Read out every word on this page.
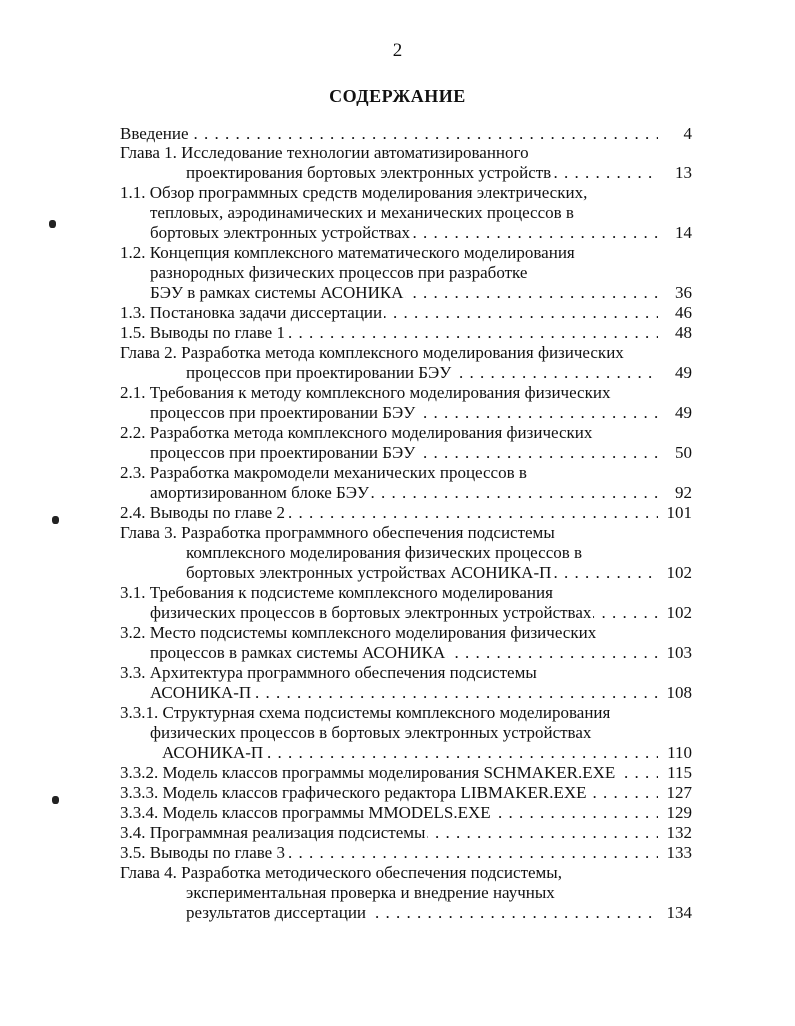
2
СОДЕРЖАНИЕ
Введение . . .	4
Глава 1. Исследование технологии автоматизированного
проектирования бортовых электронных устройств . . .	13
1.1. Обзор программных средств моделирования электрических,
тепловых, аэродинамических и механических процессов в
бортовых электронных устройствах . . .	14
1.2. Концепция комплексного математического моделирования
разнородных физических процессов при разработке
БЭУ в рамках системы АСОНИКА . . .	36
1.3. Постановка задачи диссертации . . .	46
1.5. Выводы по главе 1 . . .	48
Глава 2. Разработка метода комплексного моделирования физических
процессов при проектировании БЭУ . . .	49
2.1. Требования к методу комплексного моделирования физических
процессов при проектировании БЭУ . . .	49
2.2. Разработка метода комплексного моделирования физических
процессов при проектировании БЭУ . . .	50
2.3. Разработка макромодели механических процессов в
амортизированном блоке БЭУ . . .	92
2.4. Выводы по главе 2 . . .	101
Глава 3. Разработка программного обеспечения подсистемы
комплексного моделирования физических процессов в
бортовых электронных устройствах АСОНИКА-П . . .	102
3.1. Требования к подсистеме комплексного моделирования
физических процессов в бортовых электронных устройствах . . .	102
3.2. Место подсистемы комплексного моделирования физических
процессов в рамках системы АСОНИКА . . .	103
3.3. Архитектура программного обеспечения подсистемы
АСОНИКА-П . . .	108
3.3.1. Структурная схема подсистемы комплексного моделирования
физических процессов в бортовых электронных устройствах
АСОНИКА-П . . .	110
3.3.2. Модель классов программы моделирования SCHMAKER.EXE . . .	115
3.3.3. Модель классов графического редактора LIBMAKER.EXE . . .	127
3.3.4. Модель классов программы MMODELS.EXE . . .	129
3.4. Программная реализация подсистемы . . .	132
3.5. Выводы по главе 3 . . .	133
Глава 4. Разработка методического обеспечения подсистемы,
экспериментальная проверка и внедрение научных
результатов диссертации . . .	134
